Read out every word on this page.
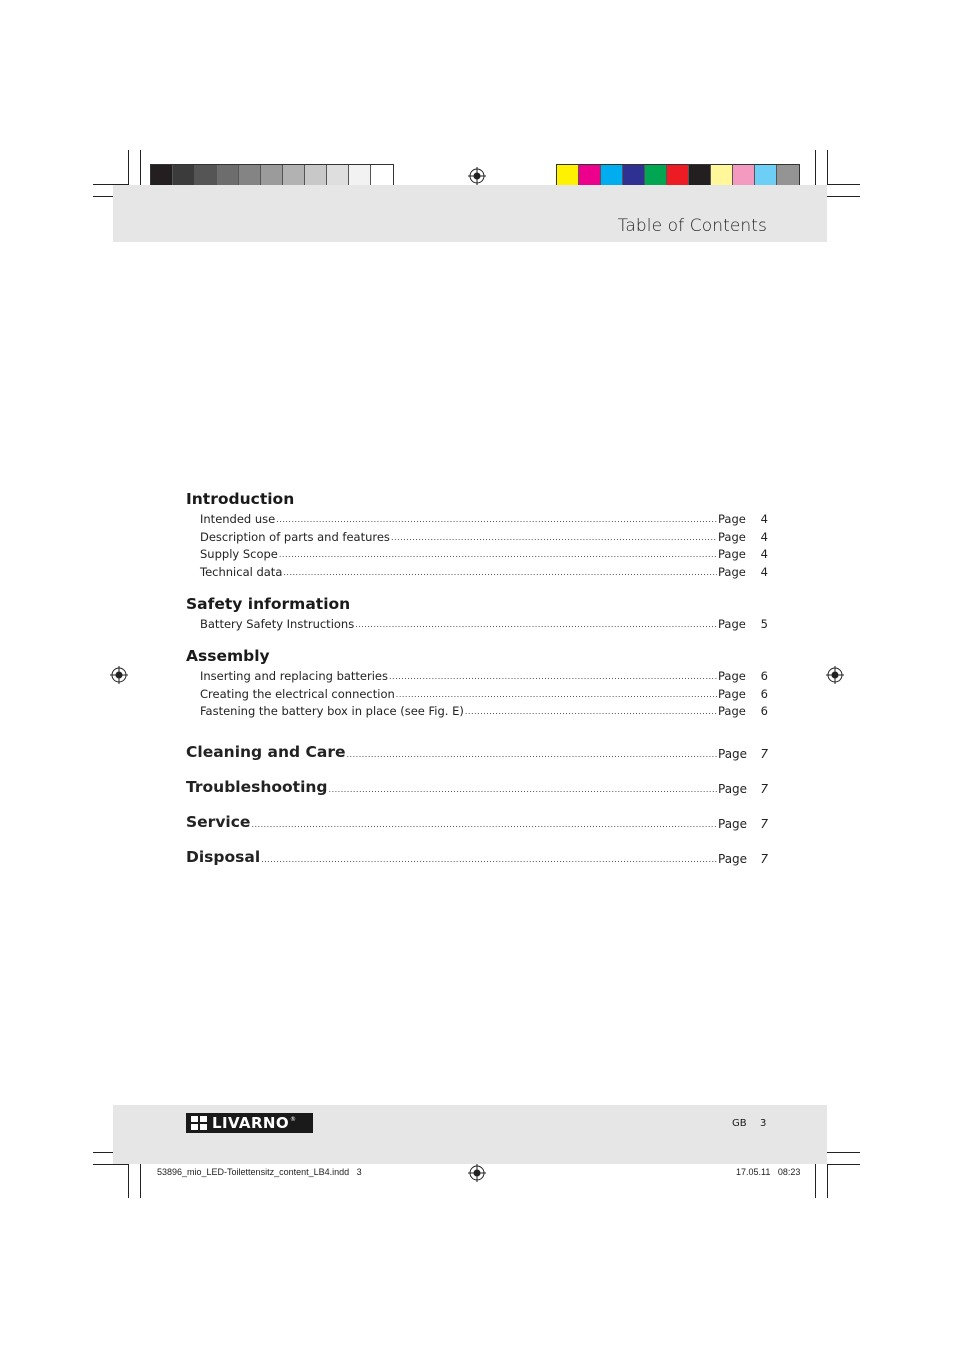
Table of Contents
Introduction
Intended use .....	Page	4
Description of parts and features .....	Page	4
Supply Scope .....	Page	4
Technical data .....	Page	4
Safety information
Battery Safety Instructions .....	Page	5
Assembly
Inserting and replacing batteries .....	Page	6
Creating the electrical connection .....	Page	6
Fastening the battery box in place (see Fig. E) .....	Page	6
Cleaning and Care .....	Page	7
Troubleshooting .....	Page	7
Service .....	Page	7
Disposal .....	Page	7
LIVARNO ®	GB 3
53896_mio_LED-Toilettensitz_content_LB4.indd   3	17.05.11   08:23
